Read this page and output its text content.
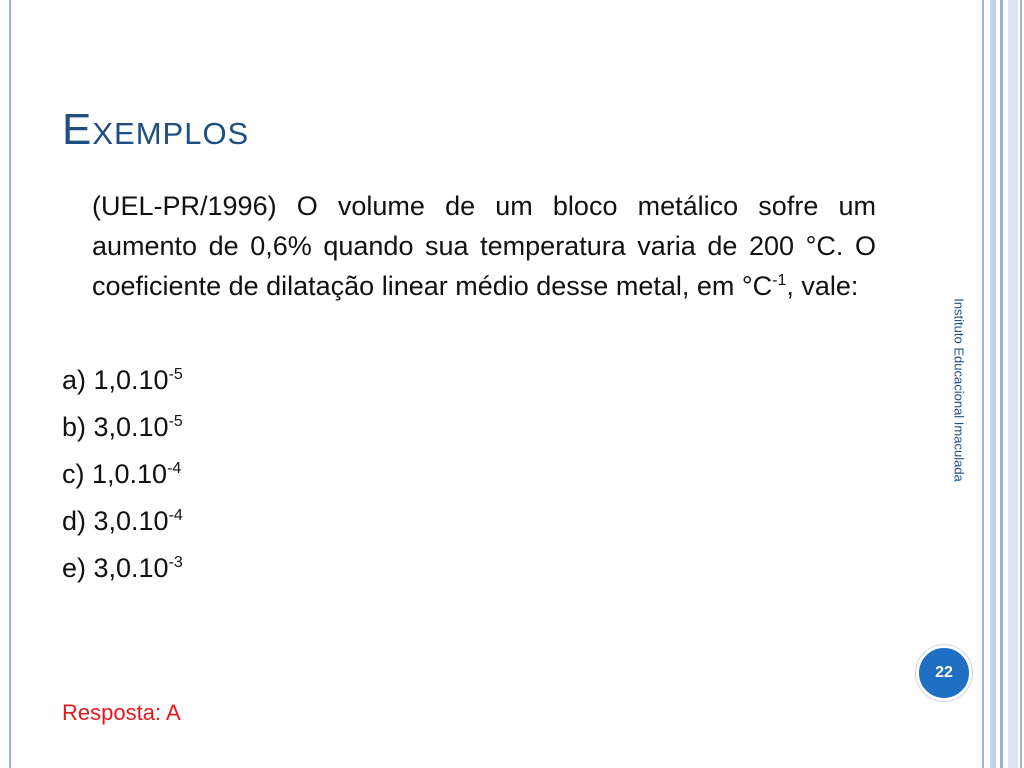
Exemplos
(UEL-PR/1996) O volume de um bloco metálico sofre um aumento de 0,6% quando sua temperatura varia de 200 °C. O coeficiente de dilatação linear médio desse metal, em $^\circ C^{-1}$, vale:
a) $1,0.10^{-5}$
b) $3,0.10^{-5}$
c) $1,0.10^{-4}$
d) $3,0.10^{-4}$
e) $3,0.10^{-3}$
Resposta: A
Instituto Educacional Imaculada
22
